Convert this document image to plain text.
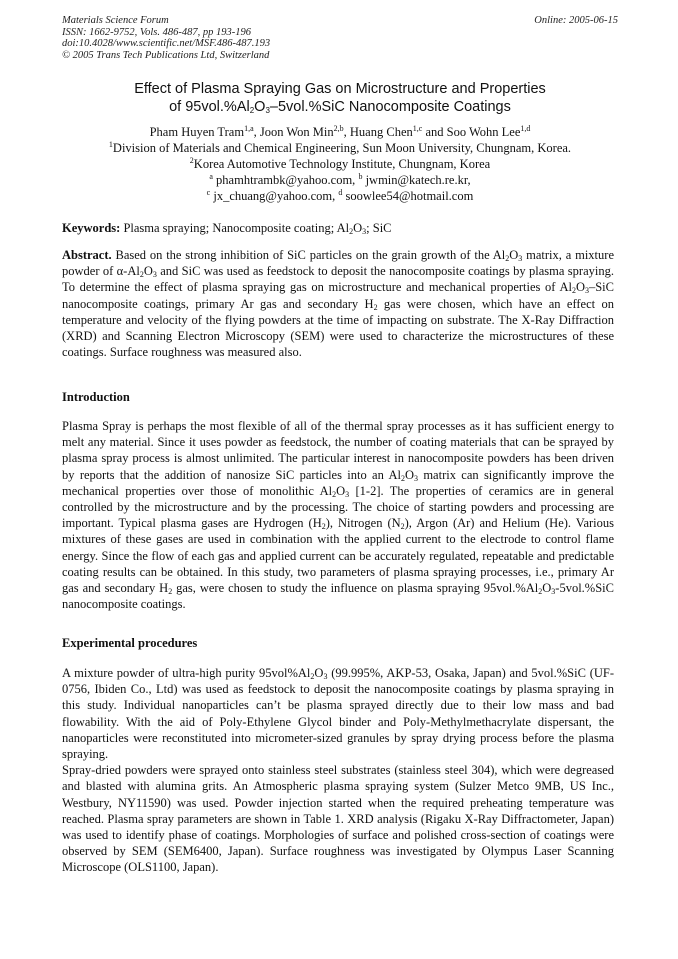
Materials Science Forum	Online: 2005-06-15
ISSN: 1662-9752, Vols. 486-487, pp 193-196
doi:10.4028/www.scientific.net/MSF.486-487.193
© 2005 Trans Tech Publications Ltd, Switzerland
Effect of Plasma Spraying Gas on Microstructure and Properties
of $95vol.\%Al_2O_3-5vol.\%SiC$ Nanocomposite Coatings
Pham Huyen Tram$^{1,a}$, Joon Won Min$^{2,b}$, Huang Chen$^{1,c}$ and Soo Wohn Lee$^{1,d}$
$^1$Division of Materials and Chemical Engineering, Sun Moon University, Chungnam, Korea.
$^2$Korea Automotive Technology Institute, Chungnam, Korea
$^a$ phamhtrambk@yahoo.com, $^b$ jwmin@katech.re.kr,
$^c$ jx_chuang@yahoo.com, $^d$ soowlee54@hotmail.com
Keywords: Plasma spraying; Nanocomposite coating; $Al_2O_3$; SiC
Abstract. Based on the strong inhibition of SiC particles on the grain growth of the $Al_2O_3$ matrix, a mixture powder of $\alpha-Al_2O_3$ and SiC was used as feedstock to deposit the nanocomposite coatings by plasma spraying. To determine the effect of plasma spraying gas on microstructure and mechanical properties of $Al_2O_3$–SiC nanocomposite coatings, primary Ar gas and secondary $H_2$ gas were chosen, which have an effect on temperature and velocity of the flying powders at the time of impacting on substrate. The X-Ray Diffraction (XRD) and Scanning Electron Microscopy (SEM) were used to characterize the microstructures of these coatings. Surface roughness was measured also.
Introduction
Plasma Spray is perhaps the most flexible of all of the thermal spray processes as it has sufficient energy to melt any material. Since it uses powder as feedstock, the number of coating materials that can be sprayed by plasma spray process is almost unlimited. The particular interest in nanocomposite powders has been driven by reports that the addition of nanosize SiC particles into an $Al_2O_3$ matrix can significantly improve the mechanical properties over those of monolithic $Al_2O_3$ [1-2]. The properties of ceramics are in general controlled by the microstructure and by the processing. The choice of starting powders and processing are important. Typical plasma gases are Hydrogen $(H_2)$, Nitrogen $(N_2)$, Argon (Ar) and Helium (He). Various mixtures of these gases are used in combination with the applied current to the electrode to control flame energy. Since the flow of each gas and applied current can be accurately regulated, repeatable and predictable coating results can be obtained. In this study, two parameters of plasma spraying processes, i.e., primary Ar gas and secondary $H_2$ gas, were chosen to study the influence on plasma spraying $95vol.\%Al_2O_3-5vol.\%SiC$ nanocomposite coatings.
Experimental procedures

A mixture powder of ultra-high purity $95vol\%Al_2O_3$ (99.995%, AKP-53, Osaka, Japan) and 5vol.%SiC (UF-0756, Ibiden Co., Ltd) was used as feedstock to deposit the nanocomposite coatings by plasma spraying in this study. Individual nanoparticles can’t be plasma sprayed directly due to their low mass and bad flowability. With the aid of Poly-Ethylene Glycol binder and Poly-Methylmethacrylate dispersant, the nanoparticles were reconstituted into micrometer-sized granules by spray drying process before the plasma spraying.

Spray-dried powders were sprayed onto stainless steel substrates (stainless steel 304), which were degreased and blasted with alumina grits. An Atmospheric plasma spraying system (Sulzer Metco 9MB, US Inc., Westbury, NY11590) was used. Powder injection started when the required preheating temperature was reached. Plasma spray parameters are shown in Table 1. XRD analysis (Rigaku X-Ray Diffractometer, Japan) was used to identify phase of coatings. Morphologies of surface and polished cross-section of coatings were observed by SEM (SEM6400, Japan). Surface roughness was investigated by Olympus Laser Scanning Microscope (OLS1100, Japan).
